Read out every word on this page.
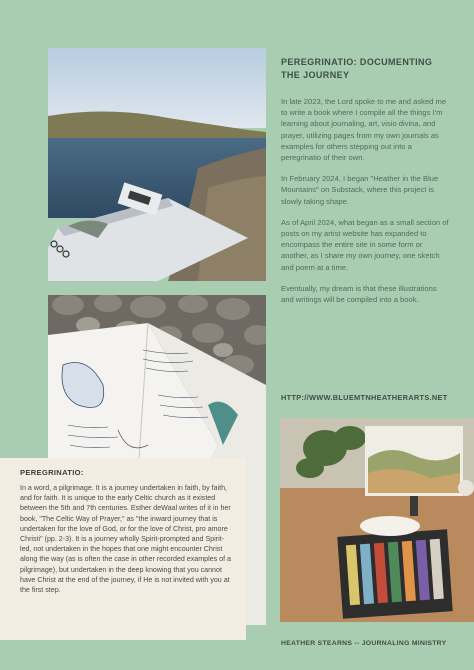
PEREGRINATIO: DOCUMENTING THE JOURNEY

In late 2023, the Lord spoke to me and asked me to write a book where I compile all the things I'm learning about journaling, art, visio divina, and prayer, utilizing pages from my own journals as examples for others stepping out into a peregrinatio of their own.

In February 2024, I began "Heather in the Blue Mountains" on Substack, where this project is slowly taking shape.

As of April 2024, what began as a small section of posts on my artist website has expanded to encompass the entire site in some form or another, as I share my own journey, one sketch and poem at a time.

Eventually, my dream is that these illustrations and writings will be compiled into a book.

HTTP://WWW.BLUEMTNHEATHERARTS.NET

PEREGRINATIO:

In a word, a pilgrimage. It is a journey undertaken in faith, by faith, and for faith. It is unique to the early Celtic church as it existed between the 5th and 7th centuries. Esther deWaal writes of it in her book, "The Celtic Way of Prayer," as "the inward journey that is undertaken for the love of God, or for the love of Christ, pro amore Christi" (pp. 2-3). It is a journey wholly Spirit-prompted and Spirit-led, not undertaken in the hopes that one might encounter Christ along the way (as is often the case in other recorded examples of a pilgrimage), but undertaken in the deep knowing that you cannot have Christ at the end of the journey, if He is not invited with you at the first step.

HEATHER STEARNS -- JOURNALING MINISTRY
